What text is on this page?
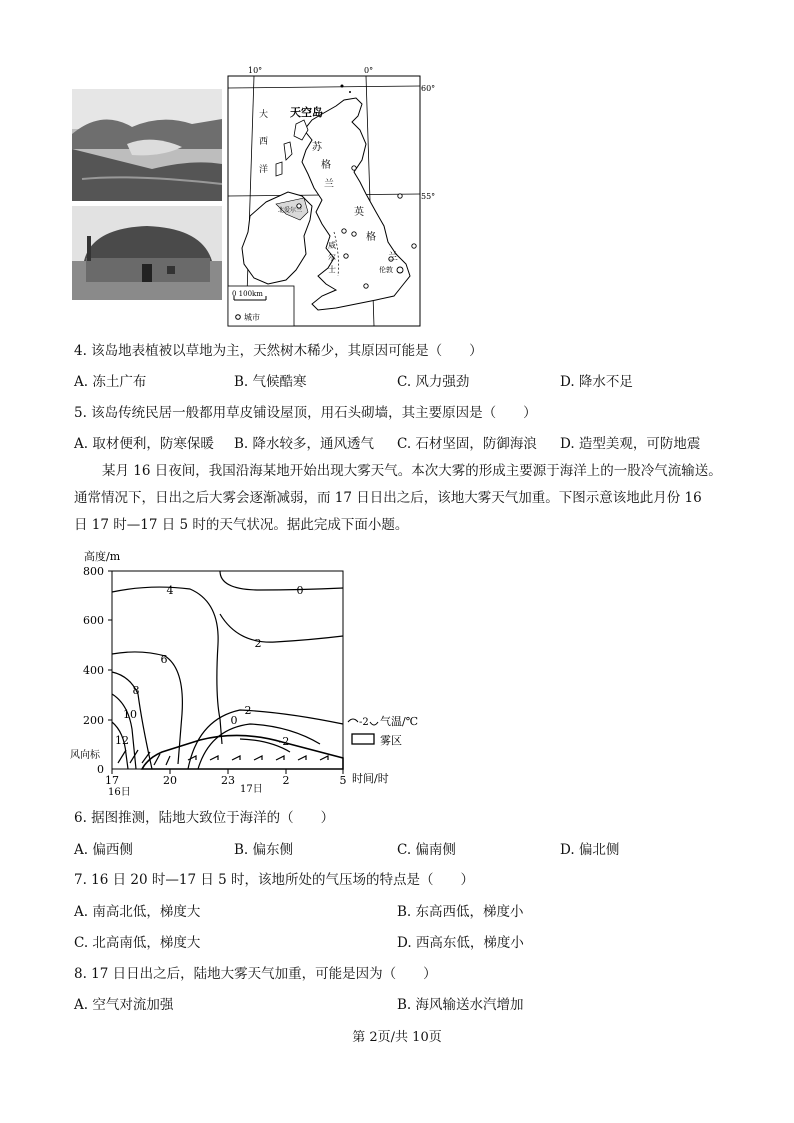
10°	0°
60°
55°
大
西
洋
天空岛
苏
格
兰
英
格
兰
威
尔
士	伦敦
北爱尔兰
0 100km
城市
4. 该岛地表植被以草地为主，天然树木稀少，其原因可能是（　　）
A. 冻土广布	B. 气候酷寒	C. 风力强劲	D. 降水不足
5. 该岛传统民居一般都用草皮铺设屋顶，用石头砌墙，其主要原因是（　　）
A. 取材便利，防寒保暖 B. 降水较多，通风透气 C. 石材坚固，防御海浪 D. 造型美观，可防地震
某月 16 日夜间，我国沿海某地开始出现大雾天气。本次大雾的形成主要源于海洋上的一股冷气流输送。
通常情况下，日出之后大雾会逐渐减弱，而 17 日日出之后，该地大雾天气加重。下图示意该地此月份 16
日 17 时—17 日 5 时的天气状况。据此完成下面小题。
高度/m
800
600
400
200
0
风向标
17	20	23	2	5
16日	17日
时间/时
4	0
2
6
8
10
12
2
0
-2
-2 气温/℃
雾区
6. 据图推测，陆地大致位于海洋的（　　）
A. 偏西侧	B. 偏东侧	C. 偏南侧	D. 偏北侧
7. 16 日 20 时—17 日 5 时，该地所处的气压场的特点是（　　）
A. 南高北低，梯度大	B. 东高西低，梯度小
C. 北高南低，梯度大	D. 西高东低，梯度小
8. 17 日日出之后，陆地大雾天气加重，可能是因为（　　）
A. 空气对流加强	B. 海风输送水汽增加
第 2页/共 10页
